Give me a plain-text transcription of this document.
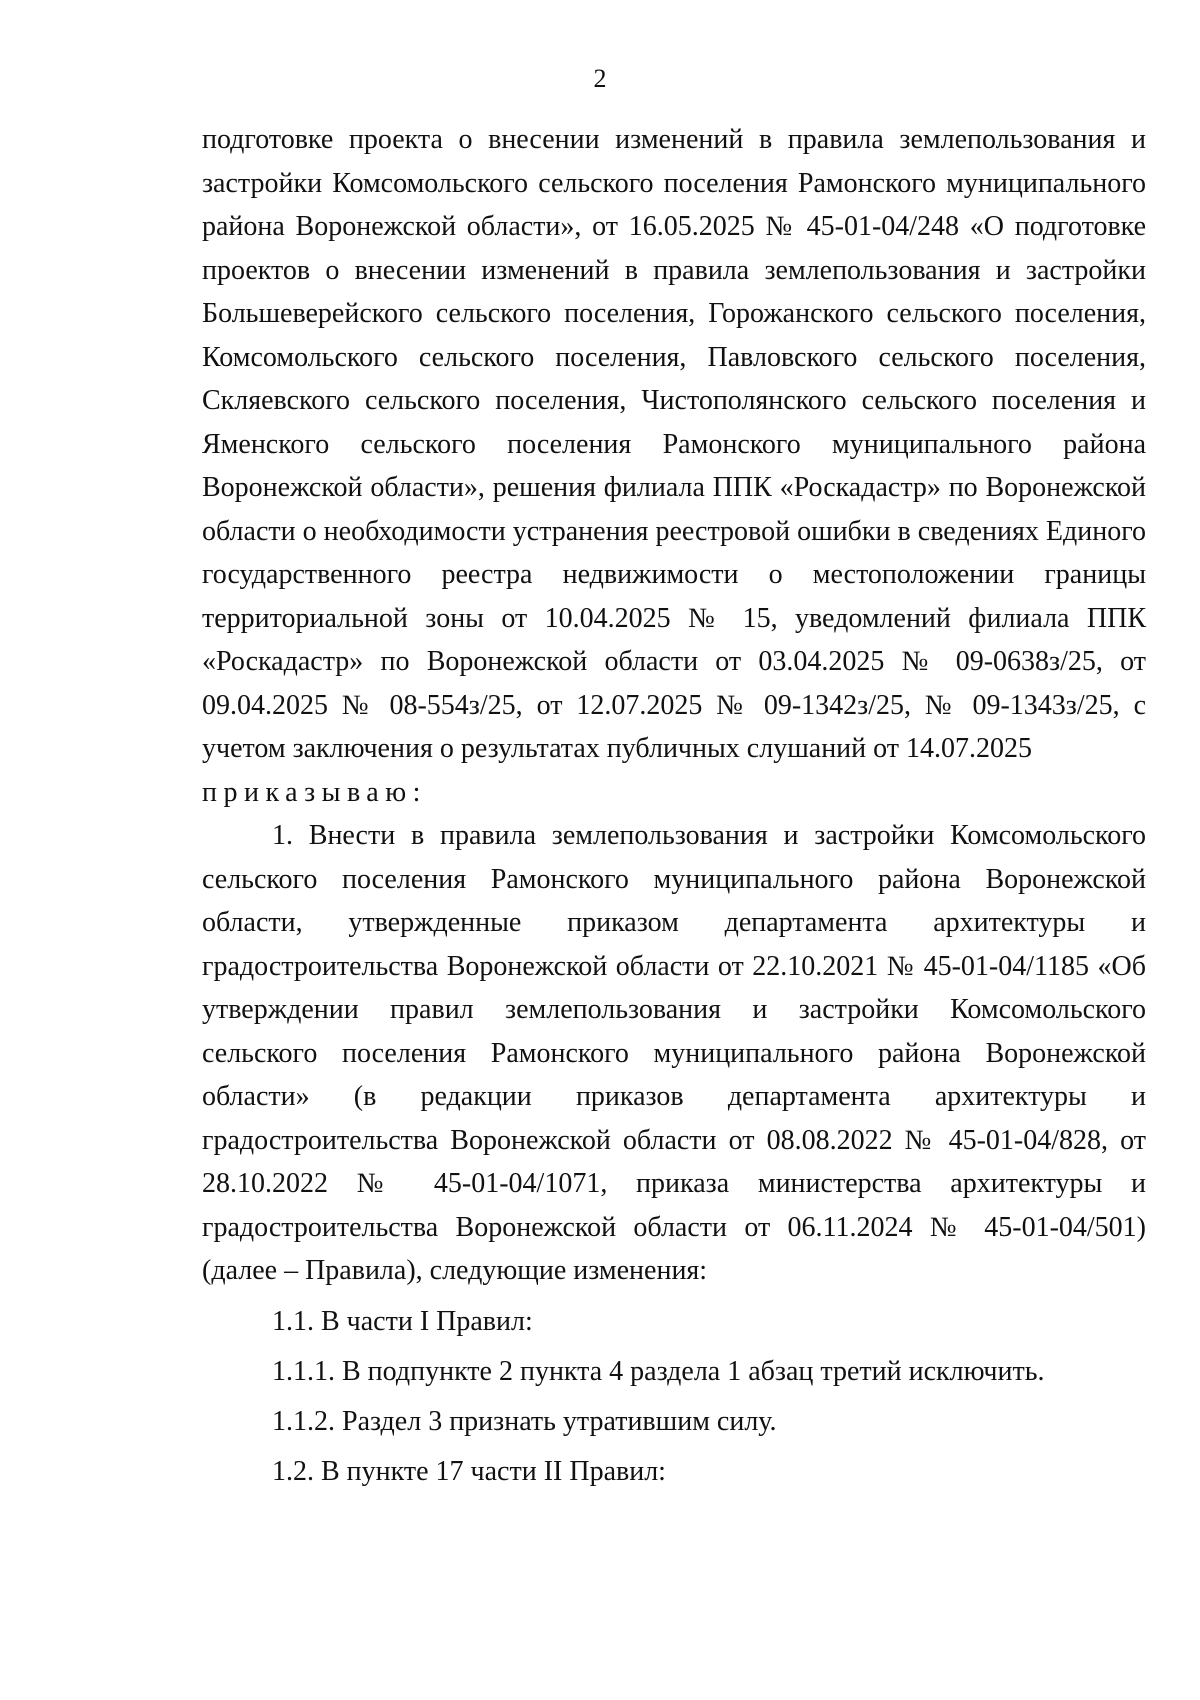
2

подготовке проекта о внесении изменений в правила землепользования и застройки Комсомольского сельского поселения Рамонского муниципального района Воронежской области», от 16.05.2025 № 45-01-04/248 «О подготовке проектов о внесении изменений в правила землепользования и застройки Большеверейского сельского поселения, Горожанского сельского поселения, Комсомольского сельского поселения, Павловского сельского поселения, Скляевского сельского поселения, Чистополянского сельского поселения и Яменского сельского поселения Рамонского муниципального района Воронежской области», решения филиала ППК «Роскадастр» по Воронежской области о необходимости устранения реестровой ошибки в сведениях Единого государственного реестра недвижимости о местоположении границы территориальной зоны от 10.04.2025 № 15, уведомлений филиала ППК «Роскадастр» по Воронежской области от 03.04.2025 № 09-0638з/25, от 09.04.2025 № 08-554з/25, от 12.07.2025 № 09-1342з/25, № 09-1343з/25, с учетом заключения о результатах публичных слушаний от 14.07.2025

приказываю:

1. Внести в правила землепользования и застройки Комсомольского сельского поселения Рамонского муниципального района Воронежской области, утвержденные приказом департамента архитектуры и градостроительства Воронежской области от 22.10.2021 № 45-01-04/1185 «Об утверждении правил землепользования и застройки Комсомольского сельского поселения Рамонского муниципального района Воронежской области» (в редакции приказов департамента архитектуры и градостроительства Воронежской области от 08.08.2022 № 45-01-04/828, от 28.10.2022 № 45-01-04/1071, приказа министерства архитектуры и градостроительства Воронежской области от 06.11.2024 № 45-01-04/501) (далее – Правила), следующие изменения:

1.1. В части I Правил:

1.1.1. В подпункте 2 пункта 4 раздела 1 абзац третий исключить.

1.1.2. Раздел 3 признать утратившим силу.

1.2. В пункте 17 части II Правил:
